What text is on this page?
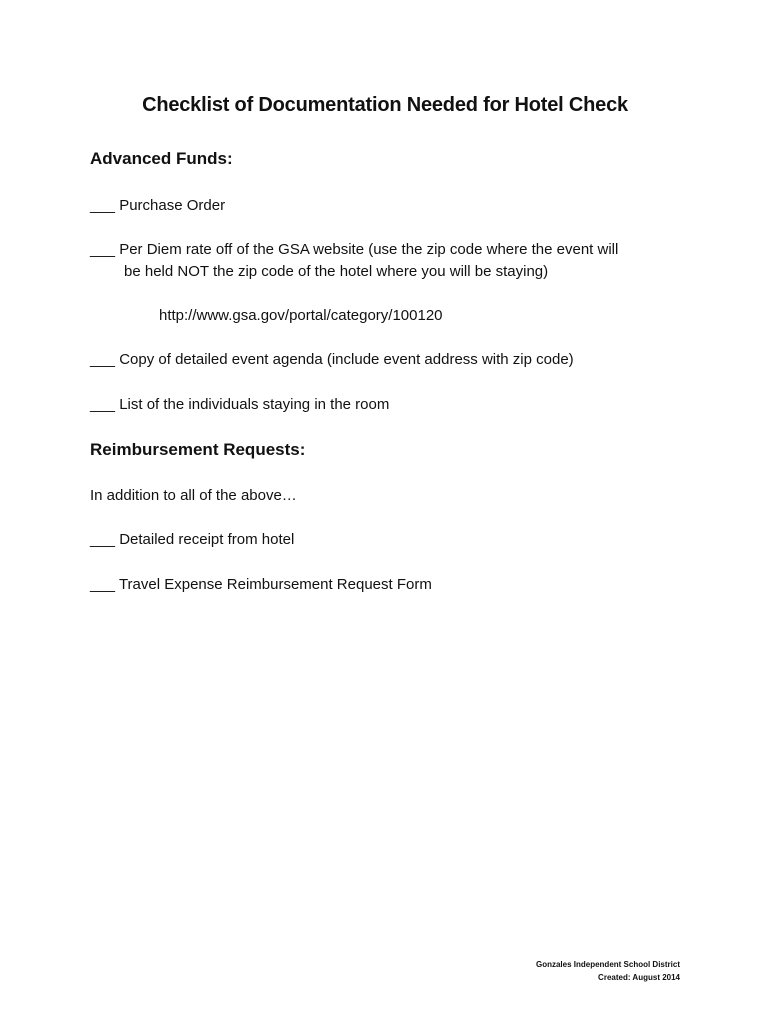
Checklist of Documentation Needed for Hotel Check
Advanced Funds:
___ Purchase Order
___ Per Diem rate off of the GSA website (use the zip code where the event will
be held NOT the zip code of the hotel where you will be staying)
http://www.gsa.gov/portal/category/100120
___ Copy of detailed event agenda (include event address with zip code)
___ List of the individuals staying in the room
Reimbursement Requests:
In addition to all of the above…
___ Detailed receipt from hotel
___ Travel Expense Reimbursement Request Form
Gonzales Independent School District
Created: August 2014
